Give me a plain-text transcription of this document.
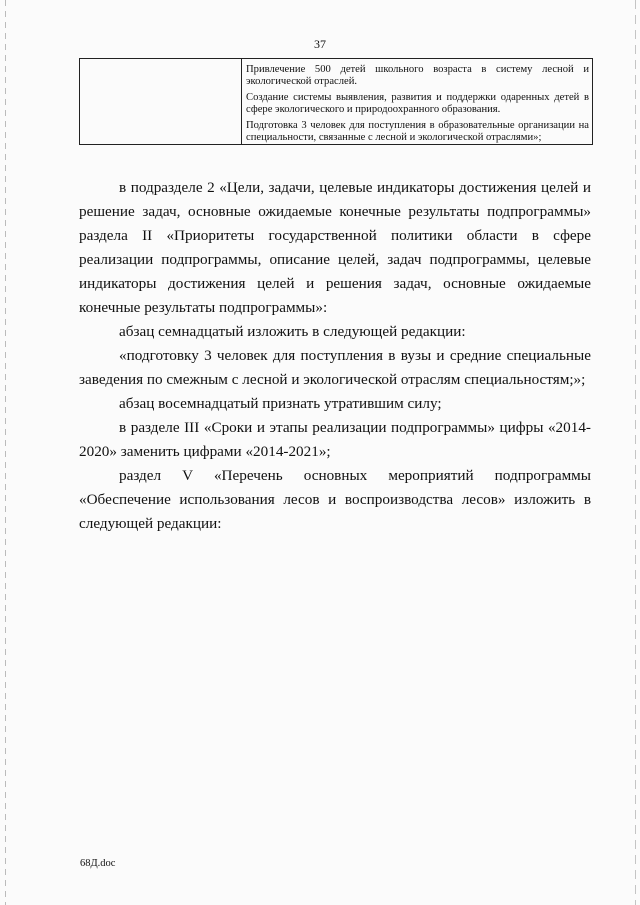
37

Привлечение 500 детей школьного возраста в систему лесной и экологической отраслей.

Создание системы выявления, развития и поддержки одаренных детей в сфере экологического и природоохранного образования.

Подготовка 3 человек для поступления в образовательные организации на специальности, связанные с лесной и экологической отраслями»;

в подразделе 2 «Цели, задачи, целевые индикаторы достижения целей и решение задач, основные ожидаемые конечные результаты подпрограммы» раздела II «Приоритеты государственной политики области в сфере реализации подпрограммы, описание целей, задач подпрограммы, целевые индикаторы достижения целей и решения задач, основные ожидаемые конечные результаты подпрограммы»:

абзац семнадцатый изложить в следующей редакции:

«подготовку 3 человек для поступления в вузы и средние специальные заведения по смежным с лесной и экологической отраслям специальностям;»;

абзац восемнадцатый признать утратившим силу;

в разделе III «Сроки и этапы реализации подпрограммы» цифры «2014-2020» заменить цифрами «2014-2021»;

раздел V «Перечень основных мероприятий подпрограммы «Обеспечение использования лесов и воспроизводства лесов» изложить в следующей редакции:

68Д.doc
